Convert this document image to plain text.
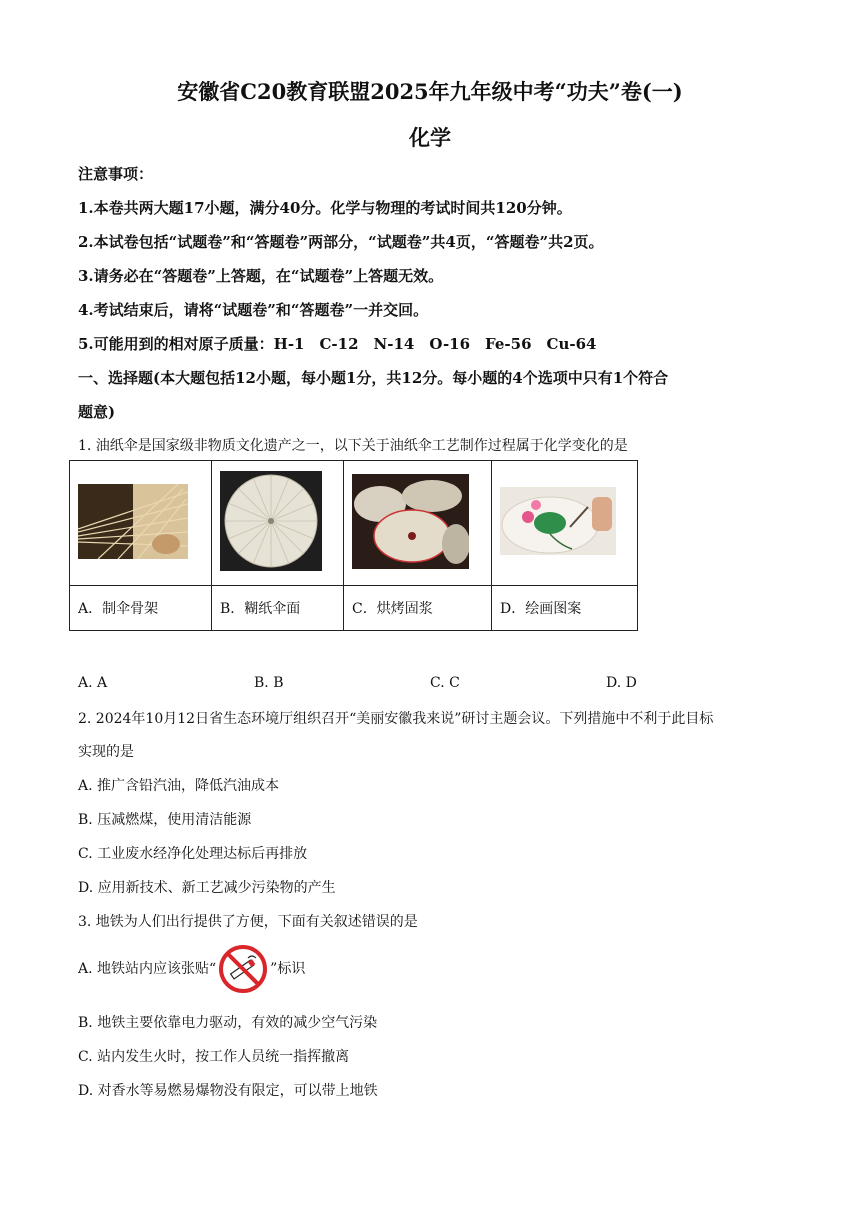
安徽省C20教育联盟2025年九年级中考“功夫”卷(一)
化学
注意事项：
1.本卷共两大题17小题，满分40分。化学与物理的考试时间共120分钟。
2.本试卷包括“试题卷”和“答题卷”两部分，“试题卷”共4页，“答题卷”共2页。
3.请务必在“答题卷”上答题，在“试题卷”上答题无效。
4.考试结束后，请将“试题卷”和“答题卷”一并交回。
5.可能用到的相对原子质量：H-1　C-12　N-14　O-16　Fe-56　Cu-64
一、选择题(本大题包括12小题，每小题1分，共12分。每小题的4个选项中只有1个符合
题意)
1. 油纸伞是国家级非物质文化遗产之一，以下关于油纸伞工艺制作过程属于化学变化的是

A．制伞骨架	B．糊纸伞面	C．烘烤固浆	D．绘画图案
A. A	B. B	C. C	D. D
2. 2024年10月12日省生态环境厅组织召开“美丽安徽我来说”研讨主题会议。下列措施中不利于此目标
实现的是
A. 推广含铅汽油，降低汽油成本
B. 压减燃煤，使用清洁能源
C. 工业废水经净化处理达标后再排放
D. 应用新技术、新工艺减少污染物的产生
3. 地铁为人们出行提供了方便，下面有关叙述错误的是
A. 地铁站内应该张贴“	”标识
B. 地铁主要依靠电力驱动，有效的减少空气污染
C. 站内发生火时，按工作人员统一指挥撤离
D. 对香水等易燃易爆物没有限定，可以带上地铁
